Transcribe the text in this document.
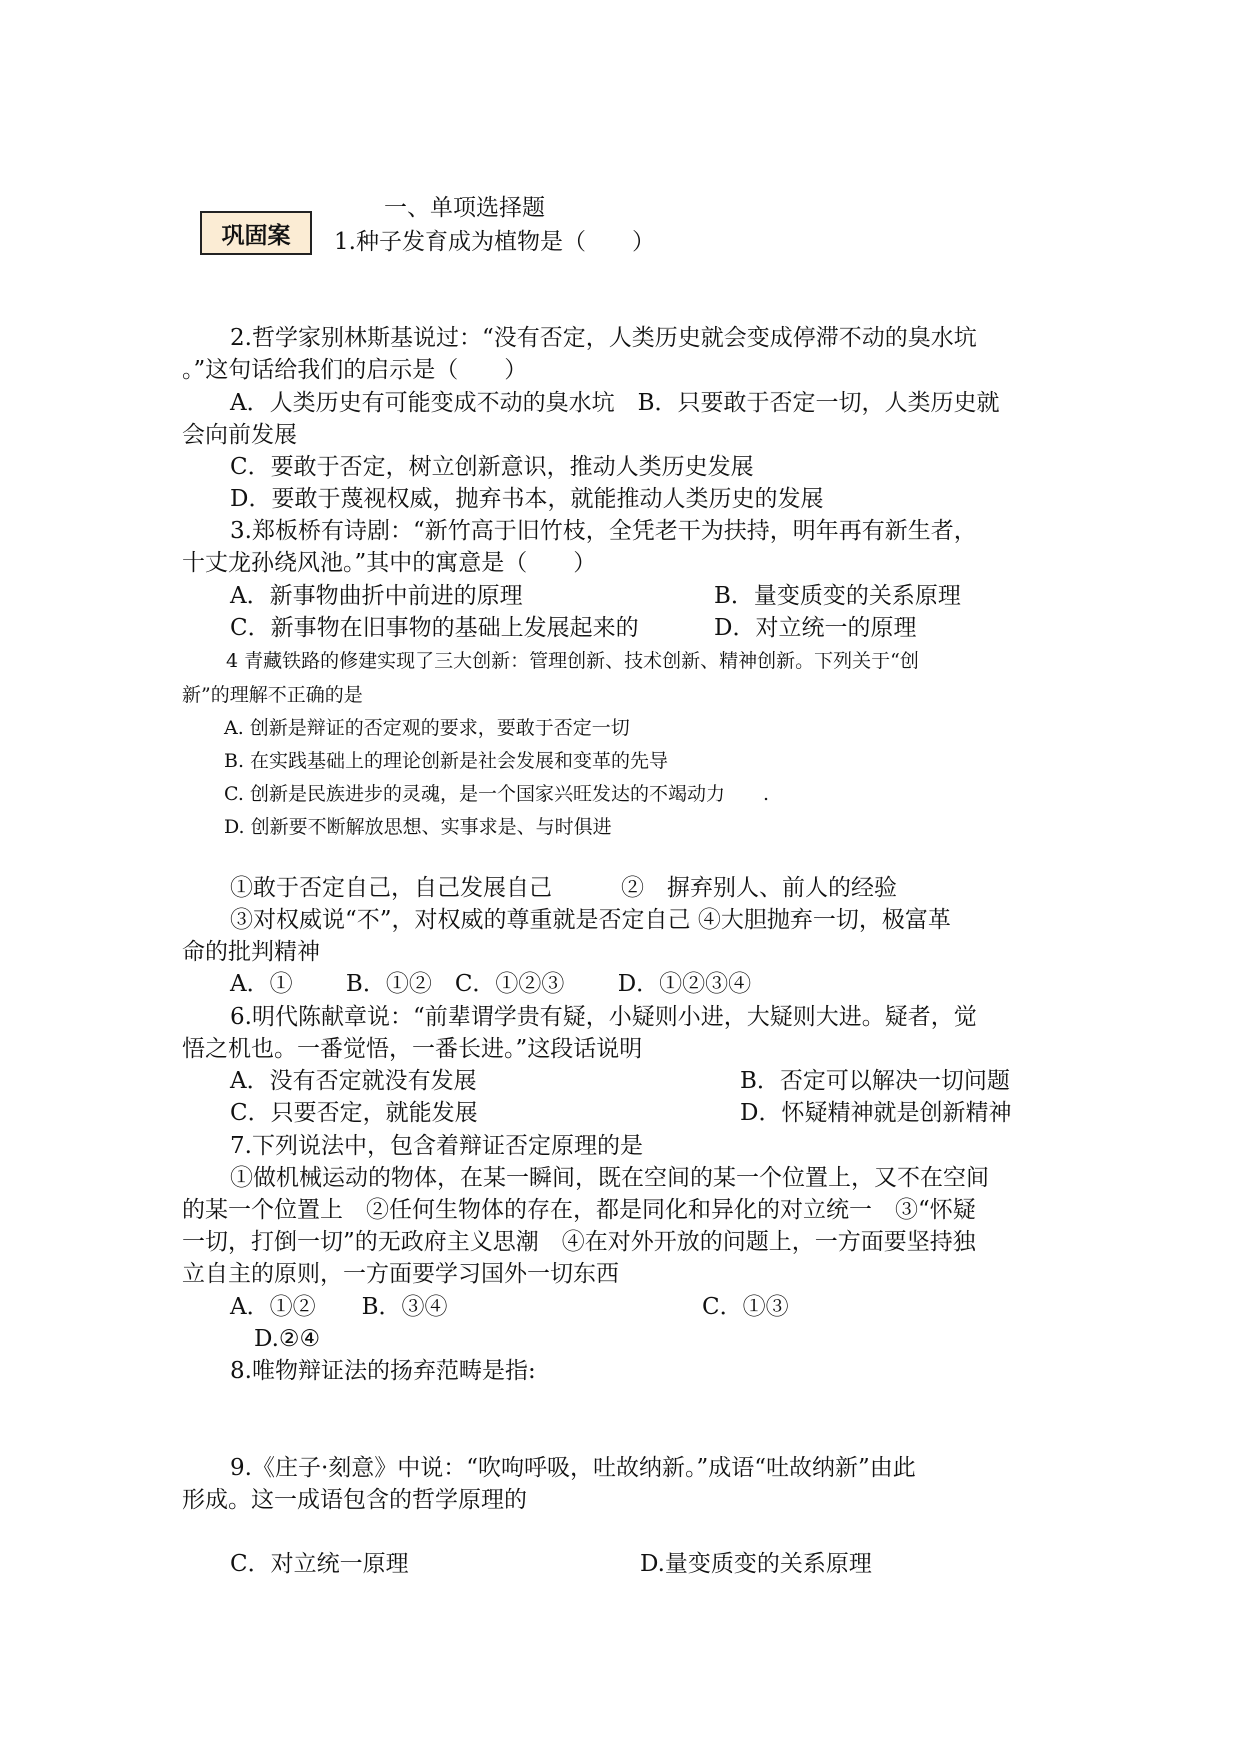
巩固案
一、单项选择题
1.种子发育成为植物是（　　）
2.哲学家别林斯基说过：“没有否定，人类历史就会变成停滞不动的臭水坑
。”这句话给我们的启示是（　　）
A．人类历史有可能变成不动的臭水坑　B．只要敢于否定一切，人类历史就
会向前发展
C．要敢于否定，树立创新意识，推动人类历史发展
D．要敢于蔑视权威，抛弃书本，就能推动人类历史的发展
3.郑板桥有诗剧：“新竹高于旧竹枝，全凭老干为扶持，明年再有新生者，
十丈龙孙绕风池。”其中的寓意是（　　）
A．新事物曲折中前进的原理	B．量变质变的关系原理
C．新事物在旧事物的基础上发展起来的	D．对立统一的原理
4 青藏铁路的修建实现了三大创新：管理创新、技术创新、精神创新。下列关于“创
新”的理解不正确的是
A. 创新是辩证的否定观的要求，要敢于否定一切
B. 在实践基础上的理论创新是社会发展和变革的先导
C. 创新是民族进步的灵魂，是一个国家兴旺发达的不竭动力　　.
D. 创新要不断解放思想、实事求是、与时俱进
①敢于否定自己，自己发展自己　　　②　摒弃别人、前人的经验
③对权威说“不”，对权威的尊重就是否定自己 ④大胆抛弃一切，极富革
命的批判精神
A．①　　 B．①②　C．①②③　　 D．①②③④
6.明代陈献章说：“前辈谓学贵有疑，小疑则小进，大疑则大进。疑者，觉
悟之机也。一番觉悟，一番长进。”这段话说明
A．没有否定就没有发展	B．否定可以解决一切问题
C．只要否定，就能发展	D．怀疑精神就是创新精神
7.下列说法中，包含着辩证否定原理的是
①做机械运动的物体，在某一瞬间，既在空间的某一个位置上，又不在空间
的某一个位置上　②任何生物体的存在，都是同化和异化的对立统一　③“怀疑
一切，打倒一切”的无政府主义思潮　④在对外开放的问题上，一方面要坚持独
立自主的原则，一方面要学习国外一切东西
A．①②　　B．③④	C．①③
D.②④
8.唯物辩证法的扬弃范畴是指:
9.《庄子·刻意》中说：“吹呴呼吸，吐故纳新。”成语“吐故纳新”由此
形成。这一成语包含的哲学原理的
C．对立统一原理	D.量变质变的关系原理
